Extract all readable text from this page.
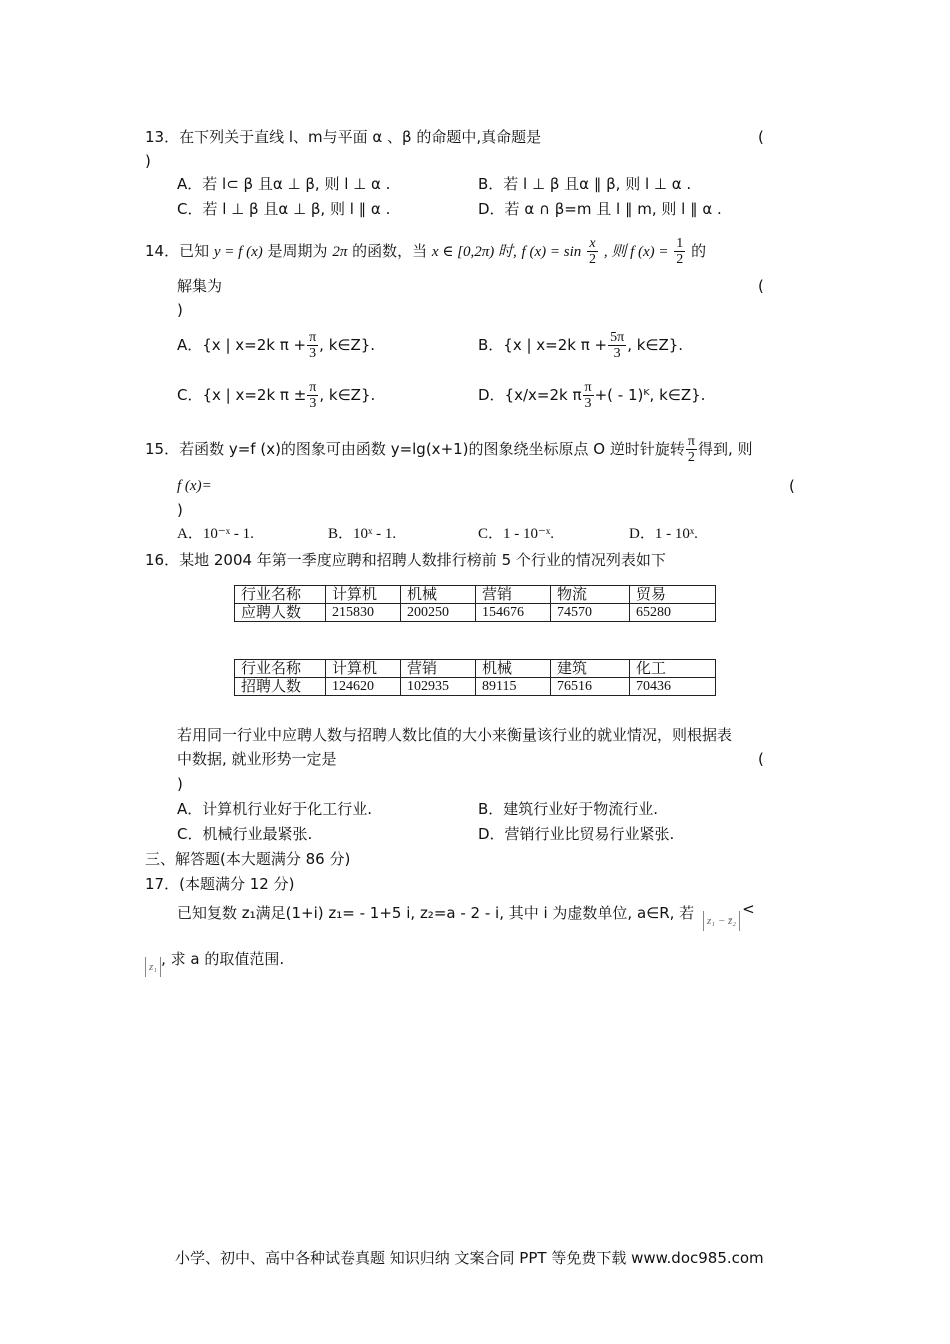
13．在下列关于直线 l、m与平面 α 、β 的命题中,真命题是	(
)
A．若 l⊂ β 且α ⊥ β, 则 l ⊥ α .	B．若 l ⊥ β 且α ∥ β, 则 l ⊥ α .
C．若 l ⊥ β 且α ⊥ β, 则 l ∥ α .	D．若 α ∩ β=m 且 l ∥ m, 则 l ∥ α .
14．已知 y = f (x) 是周期为 2π 的函数，当 x ∈ [0,2π) 时, f $(x) = \sin \frac{x}{2}$ , 则 f $(x) = \frac{1}{2}$ 的
解集为	(
)
A．{x | x=2k $\pi + \frac{\pi}{3}$ , k∈Z}.	B．{x | x=2k $\pi + \frac{5\pi}{3}$ , k∈Z}.
C．{x | x=2k $\pi \pm \frac{\pi}{3}$ , k∈Z}.	D．{x/x=2k π $\frac{\pi}{3}$ +( - 1)ᴷ, k∈Z}.
15．若函数 y=f (x)的图象可由函数 y=lg(x+1)的图象绕坐标原点 O 逆时针旋转 $\frac{\pi}{2}$ 得到, 则
f (x)=	(
)
A．10⁻ˣ - 1.	B．10ˣ - 1.	C．1 - 10⁻ˣ.	D．1 - 10ˣ.
16．某地 2004 年第一季度应聘和招聘人数排行榜前 5 个行业的情况列表如下
行业名称	计算机	机械	营销	物流	贸易
应聘人数	215830	200250	154676	74570	65280
行业名称	计算机	营销	机械	建筑	化工
招聘人数	124620	102935	89115	76516	70436
若用同一行业中应聘人数与招聘人数比值的大小来衡量该行业的就业情况，则根据表
中数据, 就业形势一定是	(
)
A．计算机行业好于化工行业.	B．建筑行业好于物流行业.
C．机械行业最紧张.	D．营销行业比贸易行业紧张.
三、解答题(本大题满分 86 分)
17．(本题满分 12 分)
已知复数 z₁满足(1+i) z₁= - 1+5 i, z₂=a - 2 - i, 其中 i 为虚数单位, a∈R, 若 z₁ − z̄₂<
z₁ , 求 a 的取值范围.
小学、初中、高中各种试卷真题 知识归纳 文案合同 PPT 等免费下载 www.doc985.com
